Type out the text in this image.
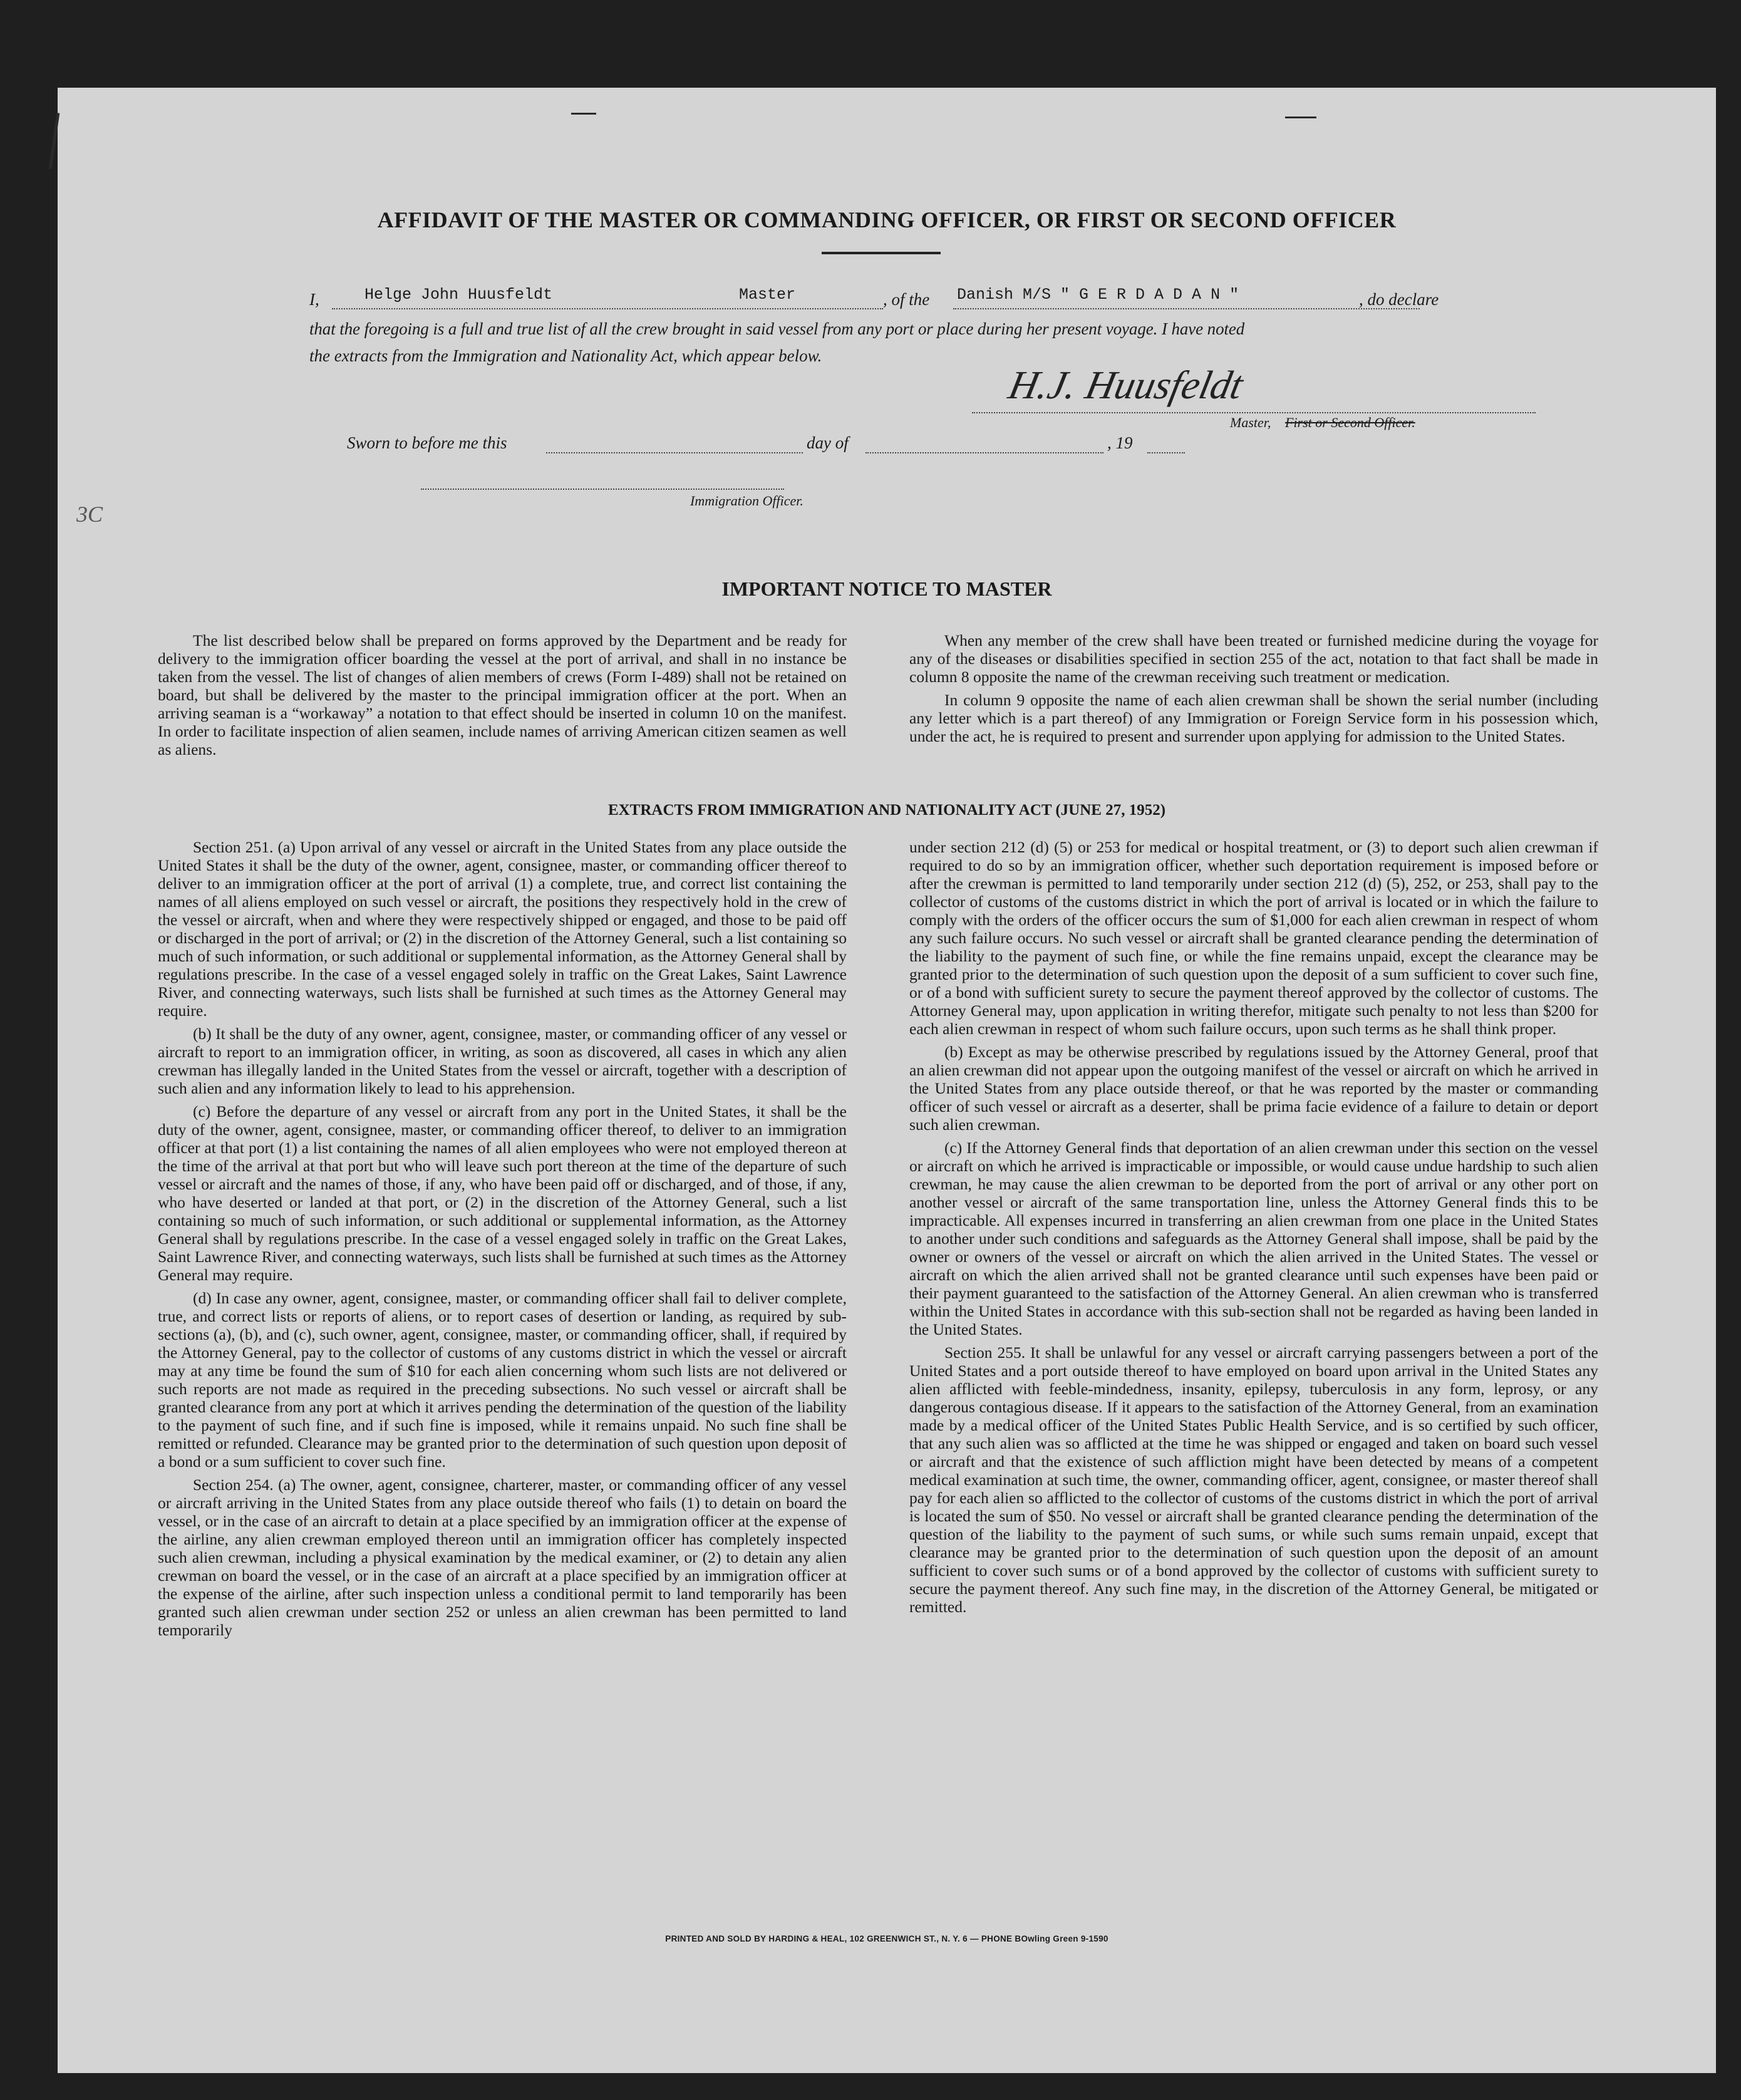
3C
AFFIDAVIT OF THE MASTER OR COMMANDING OFFICER, OR FIRST OR SECOND OFFICER
I,	Helge John Huusfeldt	Master	, of the Danish M/S " G E R D A D A N "	, do declare
that the foregoing is a full and true list of all the crew brought in said vessel from any port or place during her present voyage. I have noted
the extracts from the Immigration and Nationality Act, which appear below.
H.J. Huusfeldt
Master, First or Second Officer.
Sworn to before me this	day of	, 19
Immigration Officer.
IMPORTANT NOTICE TO MASTER

The list described below shall be prepared on forms approved by the Department and be ready for delivery to the immigration officer boarding the vessel at the port of arrival, and shall in no instance be taken from the vessel. The list of changes of alien members of crews (Form I-489) shall not be retained on board, but shall be delivered by the master to the principal immigration officer at the port. When an arriving seaman is a “workaway” a notation to that effect should be inserted in column 10 on the manifest. In order to facilitate inspection of alien seamen, include names of arriving American citizen seamen as well as aliens.

When any member of the crew shall have been treated or furnished medicine during the voyage for any of the diseases or disabilities specified in section 255 of the act, notation to that fact shall be made in column 8 opposite the name of the crewman receiving such treatment or medication.

In column 9 opposite the name of each alien crewman shall be shown the serial number (including any letter which is a part thereof) of any Immigration or Foreign Service form in his possession which, under the act, he is required to present and surrender upon applying for admission to the United States.

EXTRACTS FROM IMMIGRATION AND NATIONALITY ACT (JUNE 27, 1952)

Section 251. (a) Upon arrival of any vessel or aircraft in the United States from any place outside the United States it shall be the duty of the owner, agent, consignee, master, or commanding officer thereof to deliver to an immigration officer at the port of arrival (1) a complete, true, and correct list containing the names of all aliens employed on such vessel or aircraft, the positions they respectively hold in the crew of the vessel or aircraft, when and where they were respectively shipped or engaged, and those to be paid off or discharged in the port of arrival; or (2) in the discretion of the Attorney General, such a list containing so much of such information, or such additional or supplemental information, as the Attorney General shall by regulations prescribe. In the case of a vessel engaged solely in traffic on the Great Lakes, Saint Lawrence River, and connecting waterways, such lists shall be furnished at such times as the Attorney General may require.

(b) It shall be the duty of any owner, agent, consignee, master, or commanding officer of any vessel or aircraft to report to an immigration officer, in writing, as soon as discovered, all cases in which any alien crewman has illegally landed in the United States from the vessel or aircraft, together with a description of such alien and any information likely to lead to his apprehension.

(c) Before the departure of any vessel or aircraft from any port in the United States, it shall be the duty of the owner, agent, consignee, master, or commanding officer thereof, to deliver to an immigration officer at that port (1) a list containing the names of all alien employees who were not employed thereon at the time of the arrival at that port but who will leave such port thereon at the time of the departure of such vessel or aircraft and the names of those, if any, who have been paid off or discharged, and of those, if any, who have deserted or landed at that port, or (2) in the discretion of the Attorney General, such a list containing so much of such information, or such additional or supplemental information, as the Attorney General shall by regulations prescribe. In the case of a vessel engaged solely in traffic on the Great Lakes, Saint Lawrence River, and connecting waterways, such lists shall be furnished at such times as the Attorney General may require.

(d) In case any owner, agent, consignee, master, or commanding officer shall fail to deliver complete, true, and correct lists or reports of aliens, or to report cases of desertion or landing, as required by sub-sections (a), (b), and (c), such owner, agent, consignee, master, or commanding officer, shall, if required by the Attorney General, pay to the collector of customs of any customs district in which the vessel or aircraft may at any time be found the sum of $10 for each alien concerning whom such lists are not delivered or such reports are not made as required in the preceding subsections. No such vessel or aircraft shall be granted clearance from any port at which it arrives pending the determination of the question of the liability to the payment of such fine, and if such fine is imposed, while it remains unpaid. No such fine shall be remitted or refunded. Clearance may be granted prior to the determination of such question upon deposit of a bond or a sum sufficient to cover such fine.

Section 254. (a) The owner, agent, consignee, charterer, master, or commanding officer of any vessel or aircraft arriving in the United States from any place outside thereof who fails (1) to detain on board the vessel, or in the case of an aircraft to detain at a place specified by an immigration officer at the expense of the airline, any alien crewman employed thereon until an immigration officer has completely inspected such alien crewman, including a physical examination by the medical examiner, or (2) to detain any alien crewman on board the vessel, or in the case of an aircraft at a place specified by an immigration officer at the expense of the airline, after such inspection unless a conditional permit to land temporarily has been granted such alien crewman under section 252 or unless an alien crewman has been permitted to land temporarily

under section 212 (d) (5) or 253 for medical or hospital treatment, or (3) to deport such alien crewman if required to do so by an immigration officer, whether such deportation requirement is imposed before or after the crewman is permitted to land temporarily under section 212 (d) (5), 252, or 253, shall pay to the collector of customs of the customs district in which the port of arrival is located or in which the failure to comply with the orders of the officer occurs the sum of $1,000 for each alien crewman in respect of whom any such failure occurs. No such vessel or aircraft shall be granted clearance pending the determination of the liability to the payment of such fine, or while the fine remains unpaid, except the clearance may be granted prior to the determination of such question upon the deposit of a sum sufficient to cover such fine, or of a bond with sufficient surety to secure the payment thereof approved by the collector of customs. The Attorney General may, upon application in writing therefor, mitigate such penalty to not less than $200 for each alien crewman in respect of whom such failure occurs, upon such terms as he shall think proper.

(b) Except as may be otherwise prescribed by regulations issued by the Attorney General, proof that an alien crewman did not appear upon the outgoing manifest of the vessel or aircraft on which he arrived in the United States from any place outside thereof, or that he was reported by the master or commanding officer of such vessel or aircraft as a deserter, shall be prima facie evidence of a failure to detain or deport such alien crewman.

(c) If the Attorney General finds that deportation of an alien crewman under this section on the vessel or aircraft on which he arrived is impracticable or impossible, or would cause undue hardship to such alien crewman, he may cause the alien crewman to be deported from the port of arrival or any other port on another vessel or aircraft of the same transportation line, unless the Attorney General finds this to be impracticable. All expenses incurred in transferring an alien crewman from one place in the United States to another under such conditions and safeguards as the Attorney General shall impose, shall be paid by the owner or owners of the vessel or aircraft on which the alien arrived in the United States. The vessel or aircraft on which the alien arrived shall not be granted clearance until such expenses have been paid or their payment guaranteed to the satisfaction of the Attorney General. An alien crewman who is transferred within the United States in accordance with this sub-section shall not be regarded as having been landed in the United States.

Section 255. It shall be unlawful for any vessel or aircraft carrying passengers between a port of the United States and a port outside thereof to have employed on board upon arrival in the United States any alien afflicted with feeble-mindedness, insanity, epilepsy, tuberculosis in any form, leprosy, or any dangerous contagious disease. If it appears to the satisfaction of the Attorney General, from an examination made by a medical officer of the United States Public Health Service, and is so certified by such officer, that any such alien was so afflicted at the time he was shipped or engaged and taken on board such vessel or aircraft and that the existence of such affliction might have been detected by means of a competent medical examination at such time, the owner, commanding officer, agent, consignee, or master thereof shall pay for each alien so afflicted to the collector of customs of the customs district in which the port of arrival is located the sum of $50. No vessel or aircraft shall be granted clearance pending the determination of the question of the liability to the payment of such sums, or while such sums remain unpaid, except that clearance may be granted prior to the determination of such question upon the deposit of an amount sufficient to cover such sums or of a bond approved by the collector of customs with sufficient surety to secure the payment thereof. Any such fine may, in the discretion of the Attorney General, be mitigated or remitted.

PRINTED AND SOLD BY HARDING & HEAL, 102 GREENWICH ST., N. Y. 6 — PHONE BOwling Green 9-1590
